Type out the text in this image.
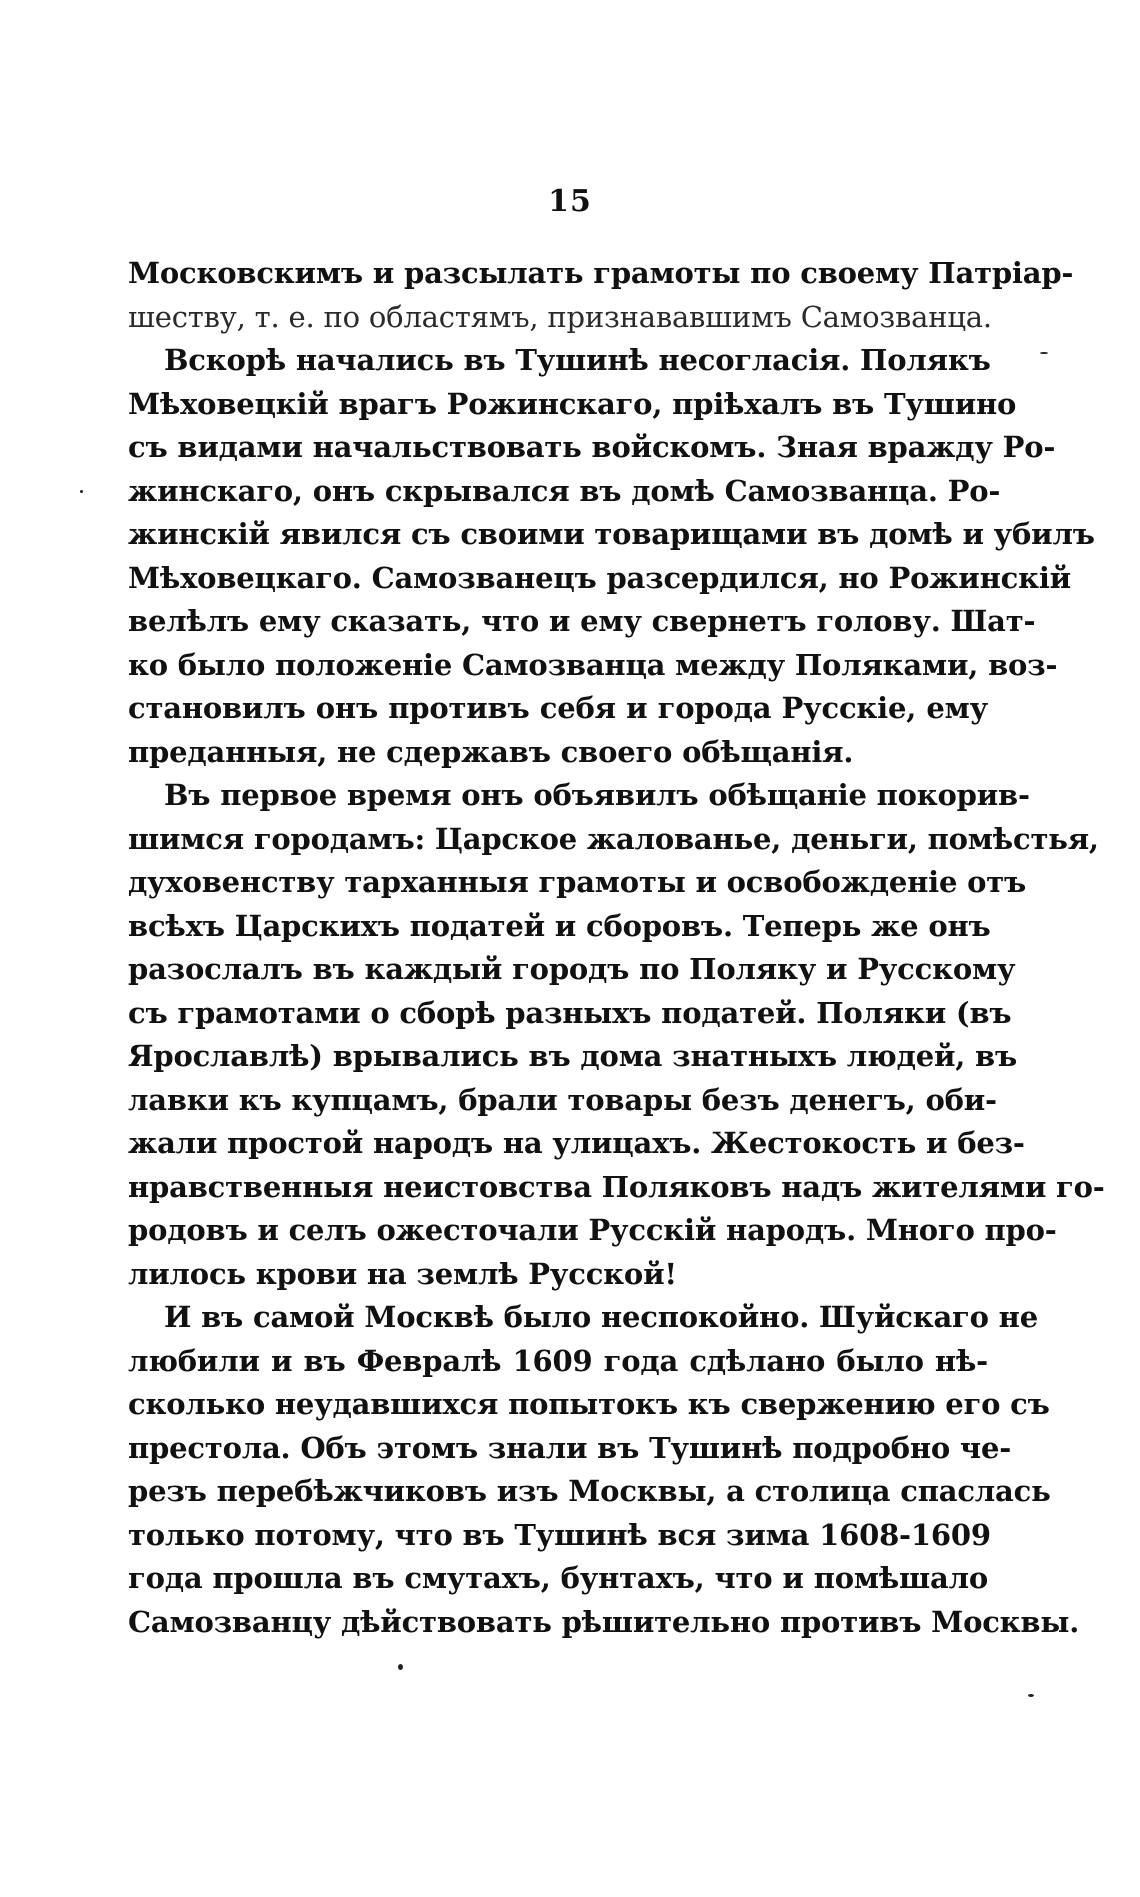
15
Московскимъ и разсылать грамоты по своему Патріар-
шеству, т. е. по областямъ, признававшимъ Самозванца.
Вскорѣ начались въ Тушинѣ несогласія. Полякъ
Мѣховецкій врагъ Рожинскаго, пріѣхалъ въ Тушино
съ видами начальствовать войскомъ. Зная вражду Ро-
жинскаго, онъ скрывался въ домѣ Самозванца. Ро-
жинскій явился съ своими товарищами въ домѣ и убилъ
Мѣховецкаго. Самозванецъ разсердился, но Рожинскій
велѣлъ ему сказать, что и ему свернетъ голову. Шат-
ко было положеніе Самозванца между Поляками, воз-
становилъ онъ противъ себя и города Русскіе, ему
преданныя, не сдержавъ своего обѣщанія.
Въ первое время онъ объявилъ обѣщаніе покорив-
шимся городамъ: Царское жалованье, деньги, помѣстья,
духовенству тарханныя грамоты и освобожденіе отъ
всѣхъ Царскихъ податей и сборовъ. Теперь же онъ
разослалъ въ каждый городъ по Поляку и Русскому
съ грамотами о сборѣ разныхъ податей. Поляки (въ
Ярославлѣ) врывались въ дома знатныхъ людей, въ
лавки къ купцамъ, брали товары безъ денегъ, оби-
жали простой народъ на улицахъ. Жестокость и без-
нравственныя неистовства Поляковъ надъ жителями го-
родовъ и селъ ожесточали Русскій народъ. Много про-
лилось крови на землѣ Русской!
И въ самой Москвѣ было неспокойно. Шуйскаго не
любили и въ Февралѣ 1609 года сдѣлано было нѣ-
сколько неудавшихся попытокъ къ свержению его съ
престола. Объ этомъ знали въ Тушинѣ подробно че-
резъ перебѣжчиковъ изъ Москвы, а столица спаслась
только потому, что въ Тушинѣ вся зима 1608-1609
года прошла въ смутахъ, бунтахъ, что и помѣшало
Самозванцу дѣйствовать рѣшительно противъ Москвы.
